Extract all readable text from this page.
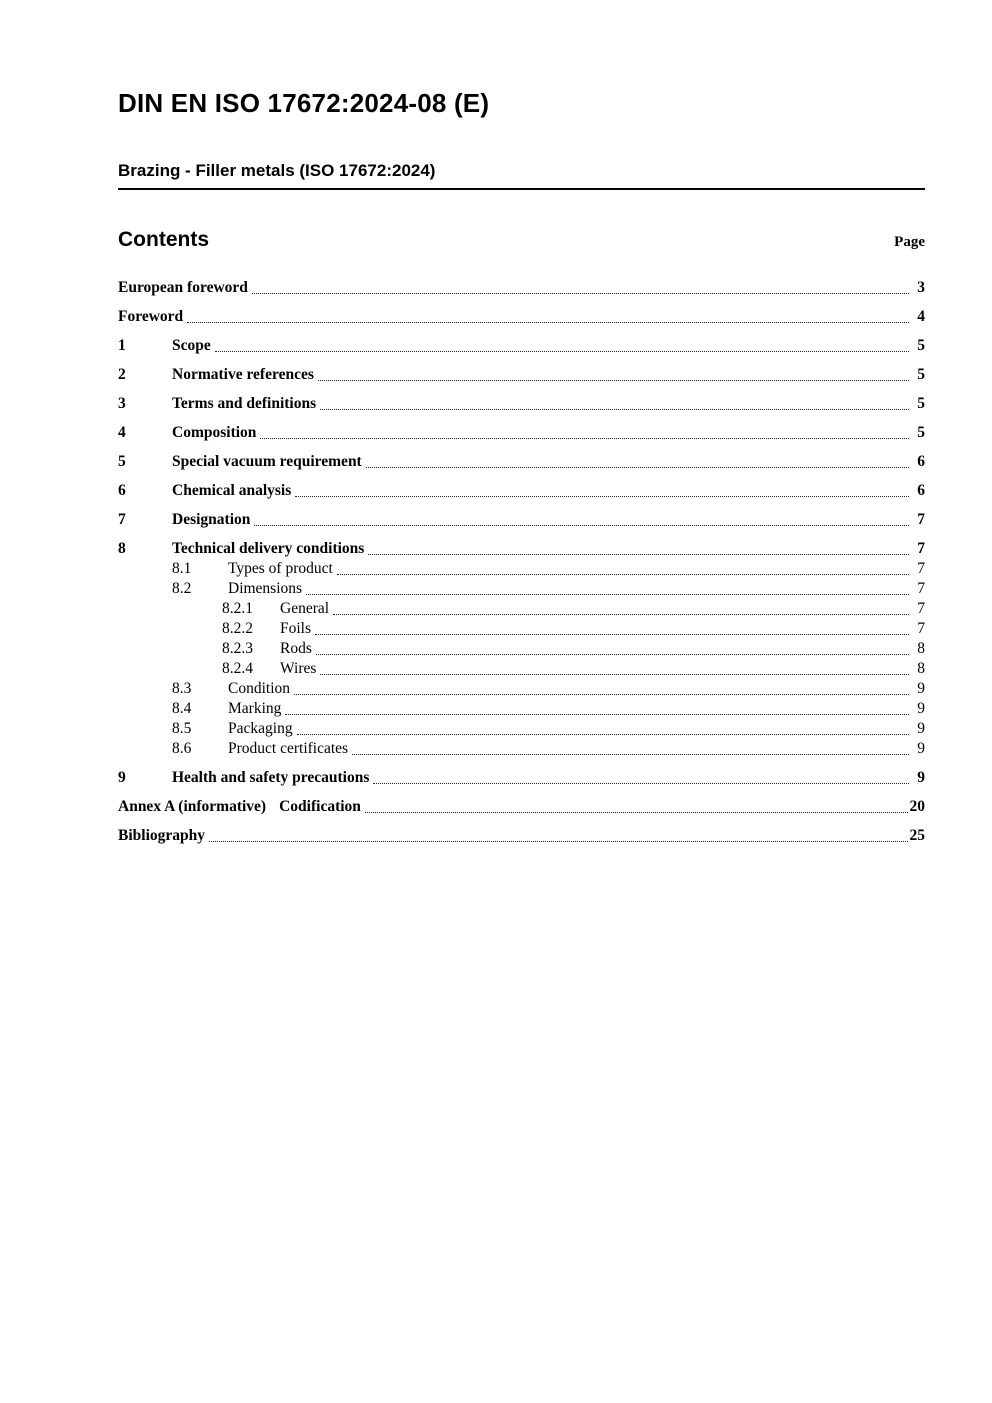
DIN EN ISO 17672:2024-08 (E)
Brazing - Filler metals (ISO 17672:2024)
Contents	Page
European foreword	3
Foreword	4
1	Scope	5
2	Normative references	5
3	Terms and definitions	5
4	Composition	5
5	Special vacuum requirement	6
6	Chemical analysis	6
7	Designation	7
8	Technical delivery conditions	7
8.1	Types of product	7
8.2	Dimensions	7
8.2.1	General	7
8.2.2	Foils	7
8.2.3	Rods	8
8.2.4	Wires	8
8.3	Condition	9
8.4	Marking	9
8.5	Packaging	9
8.6	Product certificates	9
9	Health and safety precautions	9
Annex A (informative) Codification	20
Bibliography	25
